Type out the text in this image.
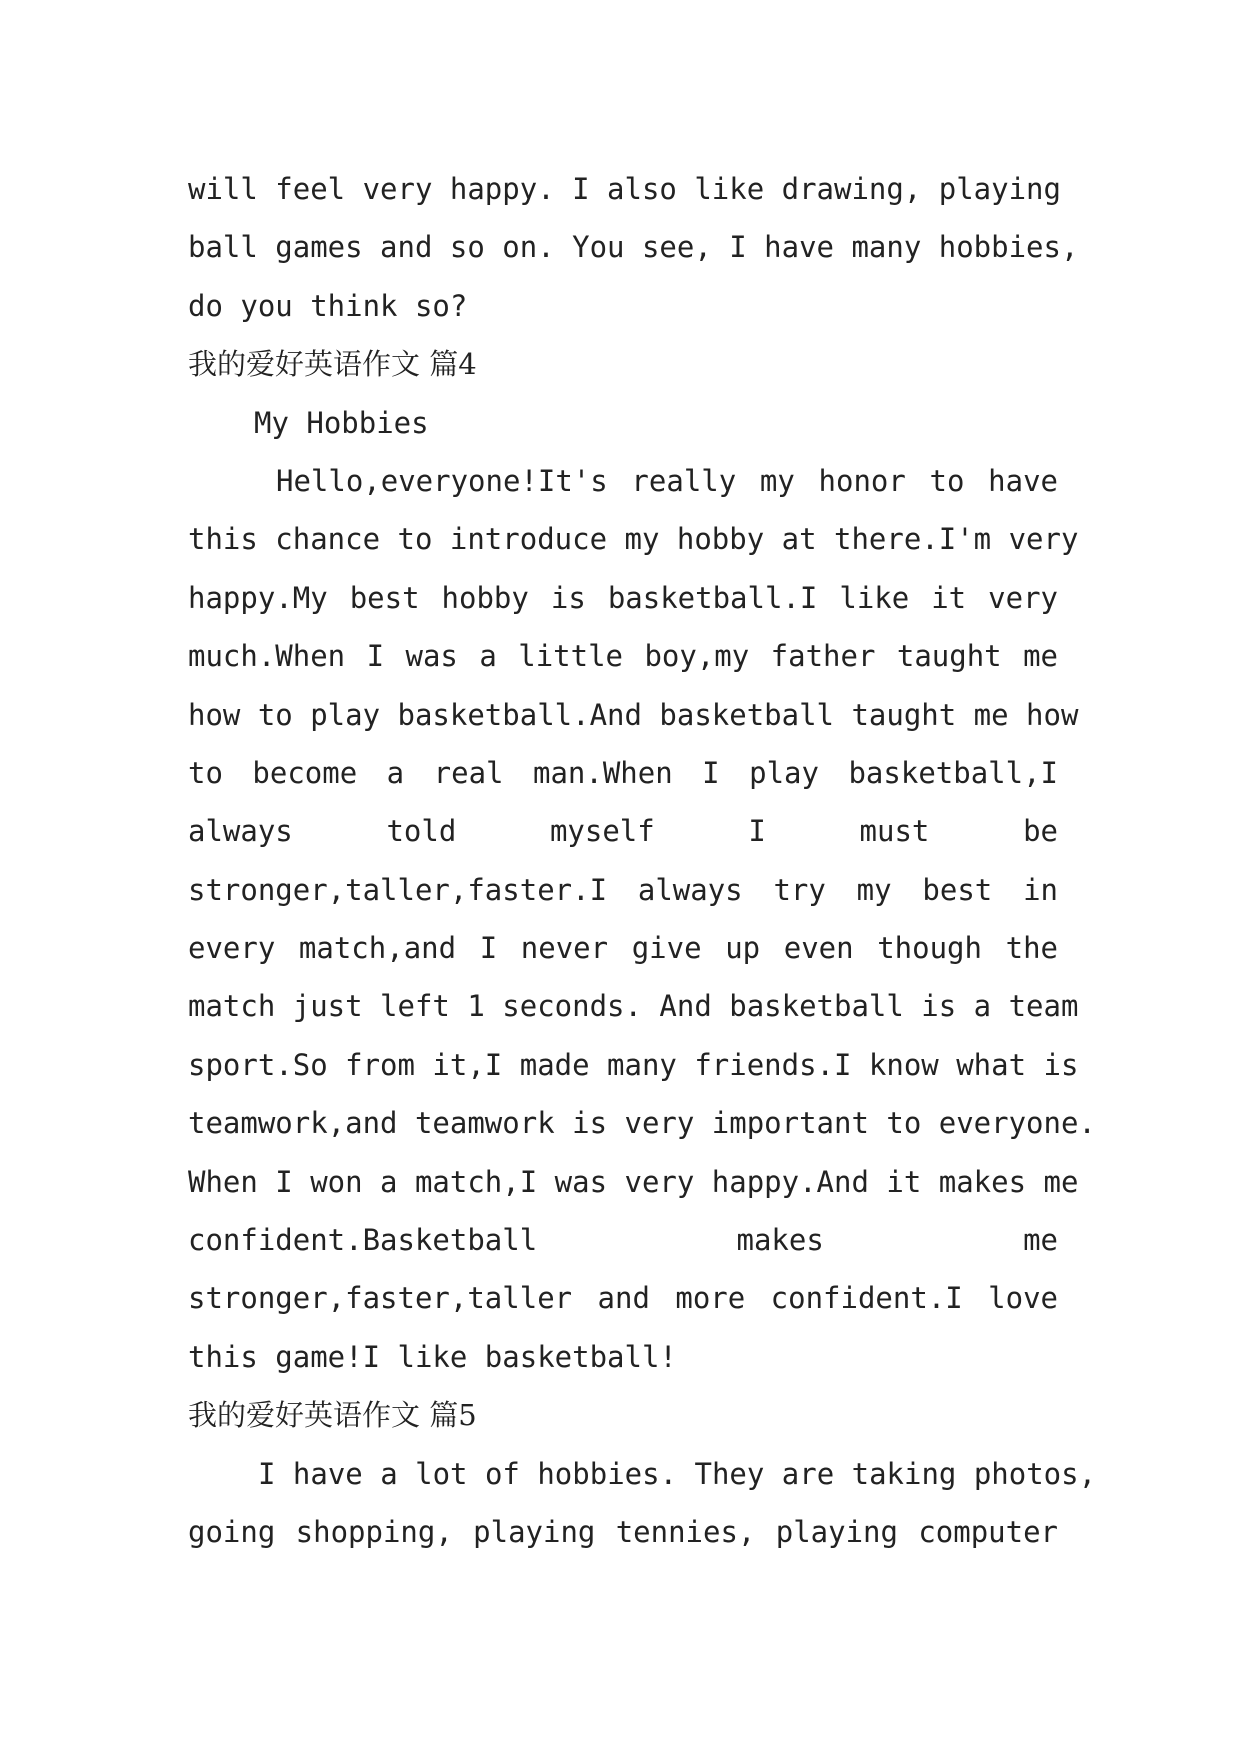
will feel very happy. I also like drawing, playing

ball games and so on. You see, I have many hobbies,

do you think so?

我的爱好英语作文 篇4

My Hobbies

Hello,everyone!It's really my honor to have

this chance to introduce my hobby at there.I'm very

happy.My best hobby is basketball.I like it very

much.When I was a little boy,my father taught me

how to play basketball.And basketball taught me how

to become a real man.When I play basketball,I

always told myself I must be

stronger,taller,faster.I always try my best in

every match,and I never give up even though the

match just left 1 seconds. And basketball is a team

sport.So from it,I made many friends.I know what is

teamwork,and teamwork is very important to everyone.

When I won a match,I was very happy.And it makes me

confident.Basketball makes me

stronger,faster,taller and more confident.I love

this game!I like basketball!

我的爱好英语作文 篇5

I have a lot of hobbies. They are taking photos,

going shopping, playing tennies, playing computer
